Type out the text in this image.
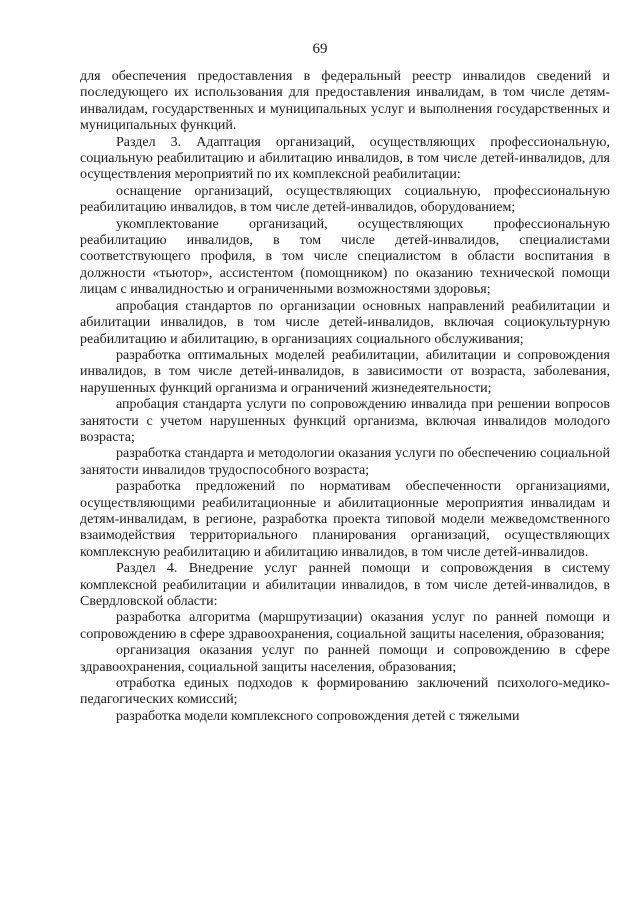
69

для обеспечения предоставления в федеральный реестр инвалидов сведений и последующего их использования для предоставления инвалидам, в том числе детям-инвалидам, государственных и муниципальных услуг и выполнения государственных и муниципальных функций.

Раздел 3. Адаптация организаций, осуществляющих профессиональную, социальную реабилитацию и абилитацию инвалидов, в том числе детей-инвалидов, для осуществления мероприятий по их комплексной реабилитации:

оснащение организаций, осуществляющих социальную, профессиональную реабилитацию инвалидов, в том числе детей-инвалидов, оборудованием;

укомплектование организаций, осуществляющих профессиональную реабилитацию инвалидов, в том числе детей-инвалидов, специалистами соответствующего профиля, в том числе специалистом в области воспитания в должности «тьютор», ассистентом (помощником) по оказанию технической помощи лицам с инвалидностью и ограниченными возможностями здоровья;

апробация стандартов по организации основных направлений реабилитации и абилитации инвалидов, в том числе детей-инвалидов, включая социокультурную реабилитацию и абилитацию, в организациях социального обслуживания;

разработка оптимальных моделей реабилитации, абилитации и сопровождения инвалидов, в том числе детей-инвалидов, в зависимости от возраста, заболевания, нарушенных функций организма и ограничений жизнедеятельности;

апробация стандарта услуги по сопровождению инвалида при решении вопросов занятости с учетом нарушенных функций организма, включая инвалидов молодого возраста;

разработка стандарта и методологии оказания услуги по обеспечению социальной занятости инвалидов трудоспособного возраста;

разработка предложений по нормативам обеспеченности организациями, осуществляющими реабилитационные и абилитационные мероприятия инвалидам и детям-инвалидам, в регионе, разработка проекта типовой модели межведомственного взаимодействия территориального планирования организаций, осуществляющих комплексную реабилитацию и абилитацию инвалидов, в том числе детей-инвалидов.

Раздел 4. Внедрение услуг ранней помощи и сопровождения в систему комплексной реабилитации и абилитации инвалидов, в том числе детей-инвалидов, в Свердловской области:

разработка алгоритма (маршрутизации) оказания услуг по ранней помощи и сопровождению в сфере здравоохранения, социальной защиты населения, образования;

организация оказания услуг по ранней помощи и сопровождению в сфере здравоохранения, социальной защиты населения, образования;

отработка единых подходов к формированию заключений психолого-медико-педагогических комиссий;

разработка модели комплексного сопровождения детей с тяжелыми
